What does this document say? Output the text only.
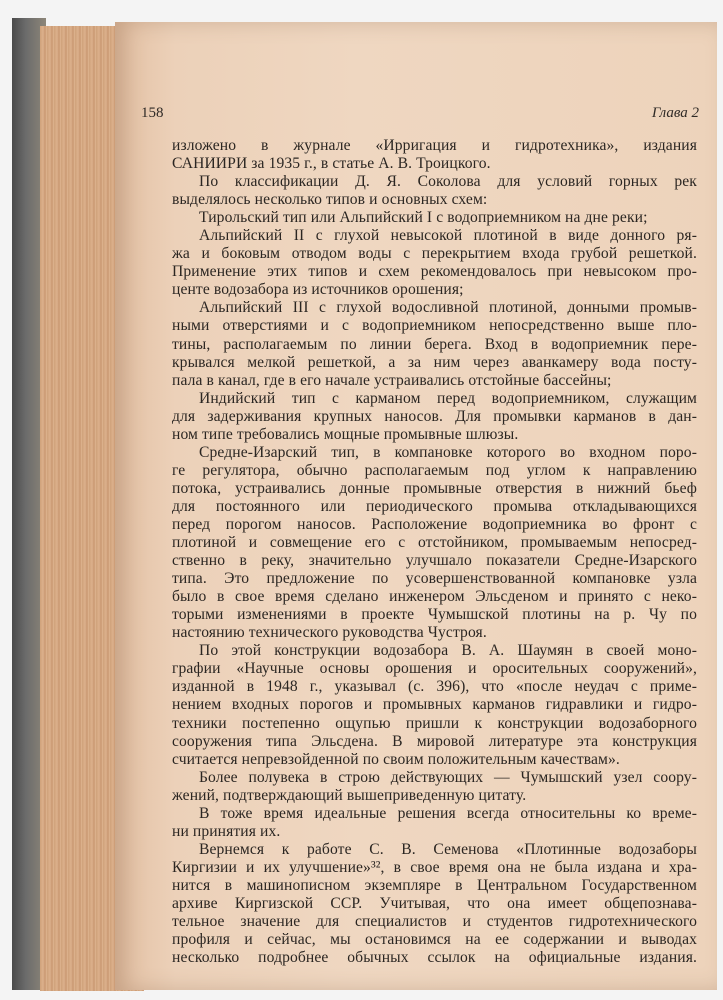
158	Глава 2
изложено в журнале «Ирригация и гидротехника», издания
САНИИРИ за 1935 г., в статье А. В. Троицкого.
По классификации Д. Я. Соколова для условий горных рек
выделялось несколько типов и основных схем:
Тирольский тип или Альпийский I с водоприемником на дне реки;
Альпийский II с глухой невысокой плотиной в виде донного ря-
жа и боковым отводом воды с перекрытием входа грубой решеткой.
Применение этих типов и схем рекомендовалось при невысоком про-
центе водозабора из источников орошения;
Альпийский III с глухой водосливной плотиной, донными промыв-
ными отверстиями и с водоприемником непосредственно выше пло-
тины, располагаемым по линии берега. Вход в водоприемник пере-
крывался мелкой решеткой, а за ним через аванкамеру вода посту-
пала в канал, где в его начале устраивались отстойные бассейны;
Индийский тип с карманом перед водоприемником, служащим
для задерживания крупных наносов. Для промывки карманов в дан-
ном типе требовались мощные промывные шлюзы.
Средне-Изарский тип, в компановке которого во входном поро-
ге регулятора, обычно располагаемым под углом к направлению
потока, устраивались донные промывные отверстия в нижний бьеф
для постоянного или периодического промыва откладывающихся
перед порогом наносов. Расположение водоприемника во фронт с
плотиной и совмещение его с отстойником, промываемым непосред-
ственно в реку, значительно улучшало показатели Средне-Изарского
типа. Это предложение по усовершенствованной компановке узла
было в свое время сделано инженером Эльсденом и принято с неко-
торыми изменениями в проекте Чумышской плотины на р. Чу по
настоянию технического руководства Чустроя.
По этой конструкции водозабора В. А. Шаумян в своей моно-
графии «Научные основы орошения и оросительных сооружений»,
изданной в 1948 г., указывал (с. 396), что «после неудач с приме-
нением входных порогов и промывных карманов гидравлики и гидро-
техники постепенно ощупью пришли к конструкции водозаборного
сооружения типа Эльсдена. В мировой литературе эта конструкция
считается непревзойденной по своим положительным качествам».
Более полувека в строю действующих — Чумышский узел соору-
жений, подтверждающий вышеприведенную цитату.
В тоже время идеальные решения всегда относительны ко време-
ни принятия их.
Вернемся к работе С. В. Семенова «Плотинные водозаборы
Киргизии и их улучшение»³², в свое время она не была издана и хра-
нится в машинописном экземпляре в Центральном Государственном
архиве Киргизской ССР. Учитывая, что она имеет общепознава-
тельное значение для специалистов и студентов гидротехнического
профиля и сейчас, мы остановимся на ее содержании и выводах
несколько подробнее обычных ссылок на официальные издания.
